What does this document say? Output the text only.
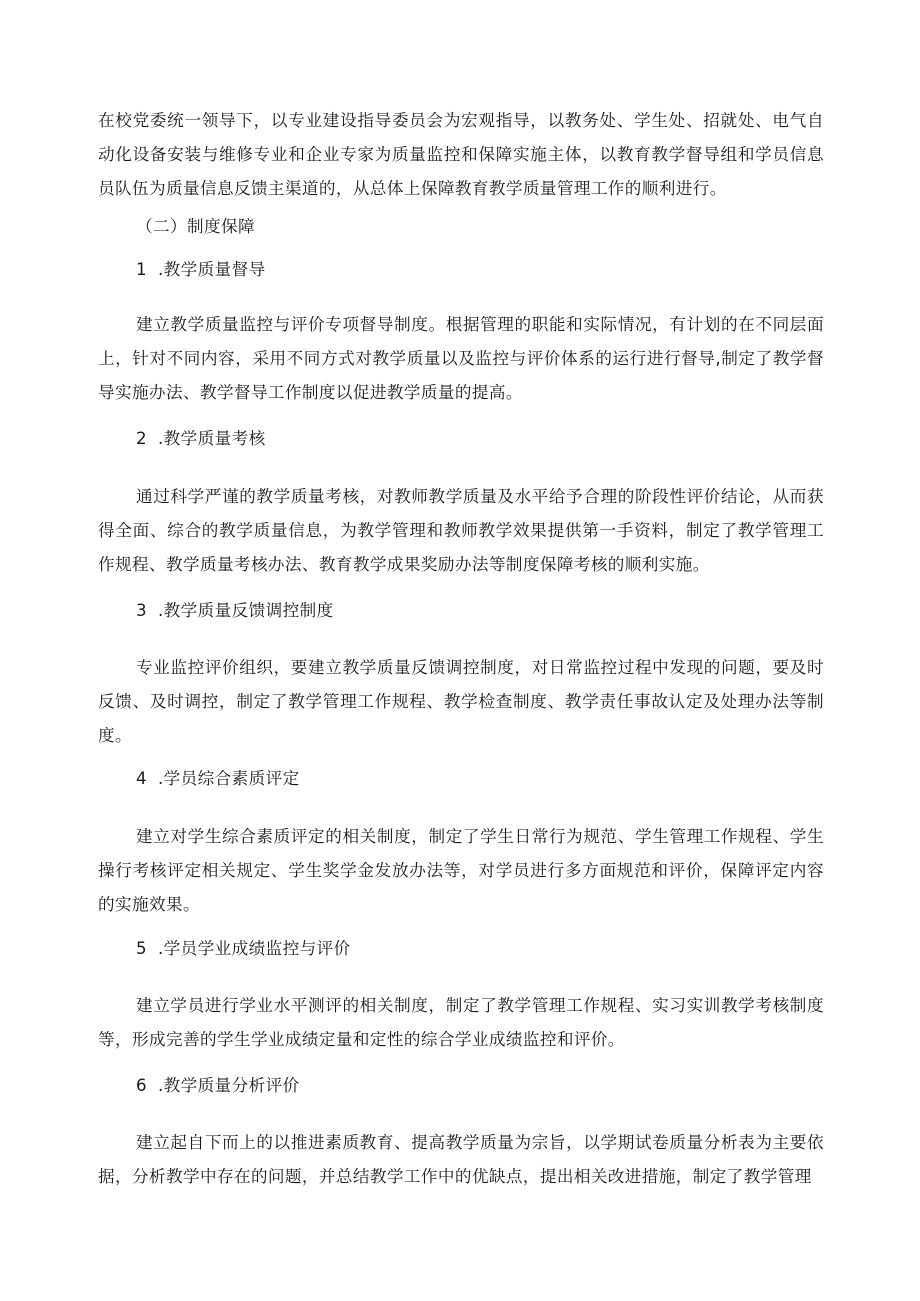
在校党委统一领导下，以专业建设指导委员会为宏观指导，以教务处、学生处、招就处、电气自动化设备安装与维修专业和企业专家为质量监控和保障实施主体，以教育教学督导组和学员信息员队伍为质量信息反馈主渠道的，从总体上保障教育教学质量管理工作的顺利进行。

（二）制度保障
1 .教学质量督导

建立教学质量监控与评价专项督导制度。根据管理的职能和实际情况，有计划的在不同层面上，针对不同内容，采用不同方式对教学质量以及监控与评价体系的运行进行督导,制定了教学督导实施办法、教学督导工作制度以促进教学质量的提高。

2 .教学质量考核

通过科学严谨的教学质量考核，对教师教学质量及水平给予合理的阶段性评价结论，从而获得全面、综合的教学质量信息，为教学管理和教师教学效果提供第一手资料，制定了教学管理工作规程、教学质量考核办法、教育教学成果奖励办法等制度保障考核的顺利实施。

3 .教学质量反馈调控制度

专业监控评价组织，要建立教学质量反馈调控制度，对日常监控过程中发现的问题，要及时反馈、及时调控，制定了教学管理工作规程、教学检查制度、教学责任事故认定及处理办法等制度。

4 .学员综合素质评定

建立对学生综合素质评定的相关制度，制定了学生日常行为规范、学生管理工作规程、学生操行考核评定相关规定、学生奖学金发放办法等，对学员进行多方面规范和评价，保障评定内容的实施效果。

5 .学员学业成绩监控与评价

建立学员进行学业水平测评的相关制度，制定了教学管理工作规程、实习实训教学考核制度等，形成完善的学生学业成绩定量和定性的综合学业成绩监控和评价。

6 .教学质量分析评价

建立起自下而上的以推进素质教育、提高教学质量为宗旨，以学期试卷质量分析表为主要依据，分析教学中存在的问题，并总结教学工作中的优缺点，提出相关改进措施，制定了教学管理
